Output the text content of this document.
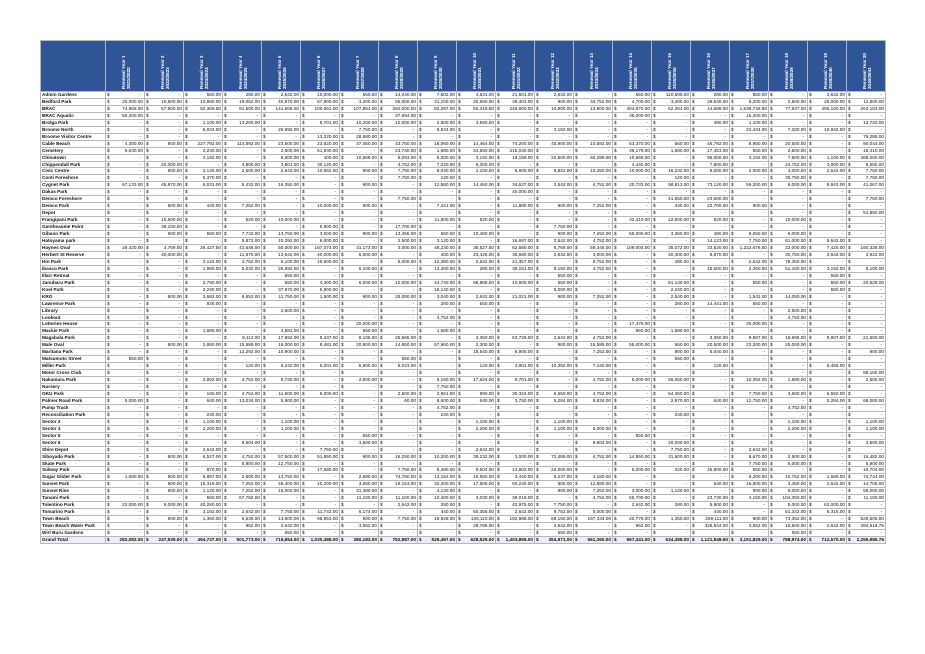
	Renewal Year 1 2021/2022	Renewal Year 2 2022/2023	Renewal Year 3 2023/2024	Renewal Year 4 2024/2025	Renewal Year 5 2025/2026	Renewal Year 6 2026/2027	Renewal Year 7 2027/2028	Renewal Year 8 2028/2029	Renewal Year 9 2029/2030	Renewal Year 10 2030/2031	Renewal Year 11 2031/2032	Renewal Year 12 2032/2033	Renewal Year 13 2033/2034	Renewal Year 14 2034/2035	Renewal Year 15 2035/2036	Renewal Year 16 2036/2037	Renewal Year 17 2037/2038	Renewal Year 18 2038/2039	Renewal Year 19 2039/2040	Renewal Year 20 2040/2041

Admin Gardens	$ -	$ -	$ 550.00	$ 280.00	$ 2,642.00	$ 10,000.00	$ 550.00	$ 14,040.00	$ 7,602.00	$ 4,631.00	$ 21,501.00	$ 2,642.00	$ -	$ 550.00	$ 110,500.00	$ 280.00	$ 550.00	$ -	$ 2,642.00	$ -

Bedford Park	$ 20,000.00	$ 10,900.00	$ 10,950.00	$ 19,052.00	$ 40,970.00	$ 67,800.00	$ 3,200.00	$ 55,000.00	$ 31,100.00	$ 25,550.00	$ 39,403.00	$ 900.00	$ 34,752.00	$ 4,700.00	$ 3,400.00	$ 29,640.00	$ 9,200.00	$ 2,500.00	$ 25,000.00	$ 11,800.00

BRAC	$ 74,969.00	$ 57,900.00	$ 92,369.50	$ 81,500.00	$ 141,606.00	$ 100,561.00	$ 107,861.00	$ 282,000.00	$ 82,297.00	$ 50,318.50	$ 249,900.00	$ 10,900.00	$ 13,900.00	$ 404,870.00	$ 52,391.00	$ 14,689.00	$ 1,639,749.50	$ 77,837.00	$ 496,160.00	$ 263,103.00

BRAC Aquatic	$ 50,400.00	$ -	$ -	$ -	$ -	$ -	$ -	$ 37,694.00	$ -	$ -	$ -	$ -	$ -	$ 35,000.00	$ -	$ -	$ 15,400.00	$ -	$ -	$ -

Brolga Park	$ -	$ -	$ 1,100.00	$ 13,200.00	$ -	$ 9,701.00	$ 10,200.00	$ 10,000.00	$ 2,500.00	$ 3,580.00	$ -	$ -	$ -	$ -	$ -	$ 480.00	$ 1,100.00	$ -	$ -	$ 12,720.00

Broome North	$ -	$ -	$ 6,934.00	$ -	$ 25,892.00	$ -	$ 7,750.00	$ -	$ 6,934.00	$ -	$ -	$ 3,192.00	$ -	$ -	$ -	$ -	$ 22,434.00	$ 7,200.00	$ 10,942.00	$ -

Broome Visitor Centre	$ -	$ -	$ -	$ -	$ -	$ 13,320.00	$ 28,680.00	$ -	$ -	$ -	$ -	$ -	$ -	$ -	$ -	$ -	$ -	$ -	$ -	$ 79,285.00

Cable Beach	$ 4,300.00	$ 900.00	$ 227,792.00	$ 114,892.00	$ 23,500.00	$ 23,820.00	$ 37,050.00	$ 43,750.00	$ 18,060.00	$ 14,464.00	$ 74,200.00	$ 45,900.00	$ 10,582.00	$ 53,370.00	$ 560.00	$ 46,792.00	$ 8,950.00	$ 20,500.00	$ -	$ 90,044.00

Cemetery	$ 6,630.00	$ -	$ 2,230.00	$ -	$ 2,500.00	$ 61,930.00	$ -	$ 23,740.00	$ 1,680.00	$ 34,550.00	$ 216,040.00	$ -	$ -	$ 36,179.00	$ 1,680.00	$ 17,453.00	$ 550.00	$ 2,500.00	$ -	$ 18,410.00

Chinatown	$ -	$ -	$ 3,192.00	$ -	$ 8,600.00	$ 400.00	$ 10,568.00	$ 6,093.00	$ 5,000.00	$ 3,192.00	$ 18,159.00	$ 32,500.00	$ 94,289.00	$ 10,568.00	$ -	$ 95,000.00	$ 3,192.00	$ 7,900.00	$ 1,100.00	$ 368,000.00

Chippendall Park	$ -	$ 20,000.00	$ -	$ 4,800.00	$ 3,801.00	$ 30,120.00	$ -	$ 4,752.00	$ 7,020.00	$ 9,300.00	$ -	$ -	$ -	$ 4,440.00	$ -	$ 7,800.00	$ -	$ 24,752.00	$ 3,000.00	$ 6,660.00

Civic Centre	$ -	$ 900.00	$ 2,140.00	$ 2,500.00	$ 2,642.00	$ 10,652.00	$ 900.00	$ 7,750.00	$ 8,040.00	$ 1,100.00	$ 5,900.00	$ 8,822.00	$ 10,250.00	$ 10,000.00	$ 16,232.00	$ 8,000.00	$ 2,000.00	$ 3,000.00	$ 2,642.00	$ 7,750.00

Conti Foreshore	$ -	$ -	$ 5,370.00	$ -	$ -	$ -	$ -	$ 7,750.00	$ 120.00	$ -	$ -	$ -	$ -	$ -	$ 120.00	$ -	$ -	$ 30,750.00	$ -	$ 7,750.00

Cygnet Park	$ 67,133.00	$ 45,870.00	$ 6,031.00	$ 5,432.00	$ 16,392.00	$ -	$ 900.00	$ -	$ 12,580.00	$ 14,460.00	$ 34,637.00	$ 3,542.00	$ 4,752.00	$ 20,733.00	$ 58,813.00	$ 73,120.00	$ 59,200.00	$ 6,000.00	$ 8,943.00	$ 41,067.00

Dakas Park	$ -	$ -	$ -	$ -	$ -	$ -	$ -	$ -	$ -	$ -	$ 40,000.00	$ -	$ -	$ -	$ -	$ -	$ -	$ -	$ -	$ -

Demco Foreshore	$ -	$ -	$ -	$ -	$ -	$ -	$ -	$ 7,750.00	$ -	$ -	$ -	$ -	$ -	$ -	$ 41,650.00	$ 23,600.00	$ -	$ -	$ -	$ 7,750.00

Demco Park	$ -	$ 900.00	$ 440.00	$ 7,252.00	$ -	$ 10,000.00	$ 900.00	$ -	$ 7,441.00	$ -	$ 11,880.00	$ 900.00	$ 7,252.00	$ -	$ 440.00	$ 22,700.00	$ 900.00	$ -	$ -	$ -

Depot	$ -	$ -	$ -	$ -	$ -	$ -	$ -	$ -	$ -	$ -	$ -	$ -	$ -	$ -	$ -	$ -	$ -	$ -	$ -	$ 51,850.00

Frangipani Park	$ -	$ 15,500.00	$ -	$ 520.00	$ 10,000.00	$ -	$ -	$ -	$ 11,800.00	$ 520.00	$ -	$ -	$ -	$ 32,410.00	$ 42,500.00	$ 520.00	$ -	$ 10,000.00	$ -	$ -

Gantheaume Point	$ -	$ 39,100.00	$ -	$ -	$ -	$ 5,900.00	$ -	$ 17,700.00	$ -	$ -	$ -	$ 7,750.00	$ -	$ -	$ -	$ -	$ -	$ -	$ -	$ -

Gibson Park	$ -	$ 900.00	$ 560.00	$ 7,732.00	$ 13,750.00	$ 3,000.00	$ 900.00	$ 13,455.00	$ 560.00	$ 10,480.00	$ -	$ 900.00	$ 7,252.00	$ 55,000.00	$ 3,360.00	$ 480.00	$ 8,650.00	$ 6,000.00	$ -	$ -

Hatoyama park	$ -	$ -	$ -	$ 5,872.00	$ 10,392.00	$ 6,000.00	$ -	$ 2,500.00	$ 3,120.00	$ -	$ 16,697.00	$ 2,642.00	$ 4,752.00	$ -	$ -	$ 14,123.00	$ 7,750.00	$ 61,000.00	$ 8,642.00	$ -

Haynes Oval	$ 29,420.00	$ 3,769.00	$ 26,427.50	$ 43,646.00	$ 50,000.00	$ 187,074.00	$ 31,173.00	$ 3,000.00	$ 48,230.00	$ 38,527.50	$ 62,680.00	$ 6,769.00	$ 59,346.00	$ 109,004.00	$ 35,072.00	$ 33,520.00	$ 1,222,676.50	$ 22,000.00	$ 7,420.00	$ 160,328.00

Herbert St Reserve	$ -	$ 40,000.00	$ -	$ 11,870.00	$ 13,642.00	$ 40,000.00	$ 5,000.00	$ -	$ 400.00	$ 23,426.00	$ 36,680.00	$ 2,642.00	$ 3,000.00	$ -	$ 40,400.00	$ 8,870.00	$ -	$ 30,750.00	$ 2,642.00	$ 3,922.00

Hin Park	$ -	$ -	$ 3,122.00	$ 4,752.00	$ 6,100.00	$ 15,500.00	$ -	$ 5,000.00	$ 12,380.00	$ 2,642.00	$ 21,357.00	$ -	$ 9,752.00	$ -	$ 480.00	$ -	$ 2,642.00	$ 78,350.00	$ -	$ -

Ibasco Park	$ -	$ -	$ 1,980.00	$ 5,032.00	$ 29,692.00	$ -	$ 6,100.00	$ -	$ 13,400.00	$ 280.00	$ 35,151.00	$ 8,192.00	$ 4,752.00	$ -	$ -	$ 15,500.00	$ 2,260.00	$ 61,150.00	$ 3,192.00	$ 6,100.00

Illarr Retreat	$ -	$ -	$ -	$ -	$ 550.00	$ -	$ -	$ -	$ -	$ -	$ -	$ 550.00	$ -	$ -	$ -	$ -	$ -	$ -	$ 550.00	$ -

Janubaru Park	$ -	$ -	$ 2,790.00	$ -	$ 550.00	$ 4,300.00	$ 6,000.00	$ 10,000.00	$ 44,740.00	$ 98,868.00	$ 10,900.00	$ 550.00	$ -	$ -	$ 81,140.00	$ -	$ 550.00	$ -	$ 550.00	$ 20,528.00

Koel Park	$ -	$ -	$ 2,240.00	$ -	$ 37,870.00	$ 5,900.00	$ -	$ -	$ 18,140.00	$ -	$ -	$ 5,000.00	$ -	$ -	$ 2,240.00	$ -	$ -	$ -	$ 550.00	$ -

KRO	$ -	$ 900.00	$ 3,682.00	$ 9,552.00	$ 11,750.00	$ 1,500.00	$ 900.00	$ 25,000.00	$ 3,040.00	$ 2,642.00	$ 21,021.00	$ 900.00	$ 7,252.00	$ -	$ 2,540.00	$ -	$ 1,542.00	$ 14,050.00	$ -	$ -

Lawrence Park	$ -	$ -	$ 830.00	$ -	$ -	$ -	$ -	$ -	$ 280.00	$ 550.00	$ -	$ -	$ -	$ -	$ 280.00	$ 14,441.00	$ 550.00	$ -	$ -	$ -

Library	$ -	$ -	$ -	$ -	$ 2,500.00	$ -	$ -	$ -	$ -	$ -	$ -	$ -	$ -	$ -	$ -	$ -	$ -	$ 2,500.00	$ -	$ -

Lookout	$ -	$ -	$ -	$ -	$ -	$ -	$ -	$ -	$ 4,752.00	$ -	$ -	$ -	$ -	$ -	$ -	$ -	$ -	$ 4,752.00	$ -	$ -

Lotteries House	$ -	$ -	$ -	$ -	$ -	$ -	$ 20,000.00	$ -	$ -	$ -	$ -	$ -	$ -	$ 17,475.00	$ -	$ -	$ 20,000.00	$ -	$ -	$ -

Mackie Park	$ -	$ -	$ 1,680.00	$ -	$ 4,581.00	$ -	$ 550.00	$ -	$ 1,680.00	$ -	$ -	$ -	$ -	$ 550.00	$ 1,680.00	$ -	$ -	$ -	$ -	$ -

Magabala Park	$ -	$ -	$ -	$ 8,112.00	$ 17,892.00	$ 5,437.00	$ 8,105.00	$ 25,665.00	$ -	$ 3,360.00	$ 63,729.00	$ 2,642.00	$ 4,752.00	$ -	$ -	$ 3,360.00	$ 9,587.00	$ 19,605.00	$ 8,907.00	$ 21,500.00

Male Oval	$ -	$ 900.00	$ 2,860.00	$ 15,589.00	$ 16,000.00	$ 8,481.00	$ 20,900.00	$ 14,950.00	$ 57,960.00	$ 2,300.00	$ -	$ 900.00	$ 15,589.00	$ 55,000.00	$ 560.00	$ 20,500.00	$ 23,200.00	$ 25,000.00	$ -	$ -

Maritana Park	$ -	$ -	$ -	$ 12,292.00	$ 10,900.00	$ -	$ -	$ -	$ -	$ 18,540.00	$ 5,900.00	$ -	$ 7,252.00	$ -	$ 900.00	$ 5,040.00	$ -	$ -	$ -	$ 900.00

Matsumoto Street	$ 550.00	$ -	$ -	$ -	$ -	$ -	$ -	$ 550.00	$ -	$ -	$ -	$ -	$ -	$ -	$ 550.00	$ -	$ -	$ -	$ -	$ -

Miller Park	$ -	$ -	$ -	$ 120.00	$ 6,242.00	$ 5,001.00	$ 5,900.00	$ 6,023.00	$ -	$ 120.00	$ 3,801.00	$ 10,392.00	$ 7,440.00	$ -	$ -	$ 120.00	$ -	$ -	$ 8,465.00	$ -

Motor Cross Club	$ -	$ -	$ -	$ -	$ -	$ -	$ -	$ -	$ -	$ -	$ -	$ -	$ -	$ -	$ -	$ -	$ -	$ -	$ -	$ 88,160.00

Nakamura Park	$ -	$ -	$ 2,802.00	$ 4,752.00	$ 9,730.00	$ -	$ 2,500.00	$ -	$ 6,160.00	$ 17,624.00	$ 9,701.00	$ -	$ 4,752.00	$ 5,000.00	$ 56,060.00	$ -	$ 10,392.00	$ 1,980.00	$ -	$ 2,500.00

Nursery	$ -	$ -	$ -	$ -	$ -	$ -	$ -	$ -	$ 7,750.00	$ -	$ -	$ -	$ -	$ -	$ -	$ -	$ -	$ -	$ -	$ -

OKU Park	$ -	$ -	$ 160.00	$ 4,752.00	$ 11,900.00	$ 6,000.00	$ -	$ 2,500.00	$ 3,961.00	$ 990.00	$ 30,324.00	$ 5,550.00	$ 4,752.00	$ -	$ 54,360.00	$ -	$ 7,750.00	$ 3,600.00	$ 6,550.00	$ -

Palmer Road Park	$ 5,000.00	$ -	$ 640.00	$ 13,034.00	$ 5,900.00	$ -	$ -	$ 60.00	$ 8,600.00	$ 640.00	$ 3,750.00	$ 5,284.00	$ 9,834.00	$ -	$ 2,970.00	$ 640.00	$ 12,750.00	$ -	$ 5,284.00	$ 68,000.00

Pump Track	$ -	$ -	$ -	$ -	$ -	$ -	$ -	$ -	$ 4,752.00	$ -	$ -	$ -	$ -	$ -	$ -	$ -	$ -	$ 4,752.00	$ -	$ -

Reconciliation Park	$ -	$ -	$ 240.00	$ -	$ -	$ -	$ -	$ -	$ 240.00	$ -	$ -	$ -	$ -	$ -	$ 240.00	$ -	$ -	$ -	$ -	$ -

Sector 2	$ -	$ -	$ 1,100.00	$ -	$ 1,100.00	$ -	$ -	$ -	$ -	$ 1,100.00	$ -	$ 1,100.00	$ -	$ -	$ -	$ -	$ -	$ 1,100.00	$ -	$ 1,100.00

Sector 3	$ -	$ -	$ 2,200.00	$ -	$ 1,100.00	$ -	$ -	$ -	$ -	$ 2,200.00	$ -	$ 1,100.00	$ 5,000.00	$ -	$ -	$ -	$ -	$ 2,200.00	$ -	$ 1,100.00

Sector 5	$ -	$ -	$ -	$ -	$ -	$ -	$ 550.00	$ -	$ -	$ -	$ -	$ -	$ -	$ 550.00	$ -	$ -	$ -	$ -	$ -	$ -

Sector 6	$ -	$ -	$ -	$ 9,504.00	$ -	$ -	$ 3,600.00	$ -	$ -	$ -	$ -	$ -	$ 9,504.00	$ -	$ 20,000.00	$ -	$ -	$ -	$ -	$ 3,600.00

Shire Depot	$ -	$ -	$ 2,642.00	$ -	$ -	$ 7,750.00	$ -	$ -	$ -	$ 2,642.00	$ -	$ -	$ -	$ -	$ 7,750.00	$ -	$ 2,642.00	$ -	$ -	$ -

Siboyado Park	$ -	$ 900.00	$ 6,537.00	$ 4,752.00	$ 57,500.00	$ 51,950.00	$ 900.00	$ 16,250.00	$ 10,200.00	$ 39,232.00	$ 3,000.00	$ 72,489.00	$ 4,752.00	$ 14,950.00	$ 31,600.00	$ -	$ 8,670.00	$ 2,500.00	$ -	$ 16,482.00

Skate Park	$ -	$ -	$ -	$ 5,900.00	$ 12,750.00	$ -	$ -	$ -	$ -	$ -	$ -	$ -	$ -	$ -	$ -	$ -	$ 7,750.00	$ 5,000.00	$ -	$ 5,900.00

Solway Park	$ -	$ -	$ 870.00	$ -	$ -	$ 17,680.00	$ -	$ 7,750.00	$ 8,480.00	$ 9,504.00	$ 13,902.00	$ 22,000.00	$ -	$ 5,000.00	$ 320.00	$ 45,900.00	$ 550.00	$ -	$ -	$ 16,704.00

Sugar Glider Park	$ 1,680.00	$ 900.00	$ 8,887.00	$ 2,500.00	$ 13,750.00	$ -	$ 2,580.00	$ 74,780.00	$ 13,152.00	$ 10,550.00	$ 3,440.00	$ 9,237.00	$ 4,180.00	$ -	$ -	$ -	$ 9,200.00	$ 10,752.00	$ 1,680.00	$ 74,744.00

Sunset Park	$ -	$ 900.00	$ 15,319.00	$ 7,252.00	$ 48,400.00	$ 10,200.00	$ 3,650.00	$ 19,153.00	$ 32,400.00	$ 17,506.00	$ 60,240.00	$ 900.00	$ 12,580.00	$ -	$ -	$ 640.00	$ 16,800.00	$ 3,450.00	$ 2,642.00	$ 14,706.00

Sunset Rise	$ -	$ 900.00	$ 1,120.00	$ 7,252.00	$ 16,000.00	$ -	$ 31,380.00	$ -	$ 4,120.00	$ -	$ -	$ 900.00	$ 7,252.00	$ 3,000.00	$ 1,120.00	$ -	$ 900.00	$ 9,000.00	$ -	$ 55,000.00

Tanami Park	$ -	$ -	$ 550.00	$ 67,782.00	$ -	$ -	$ 11,100.00	$ 11,100.00	$ 10,400.00	$ 3,030.00	$ 39,019.00	$ -	$ 4,752.00	$ 65,700.00	$ -	$ 23,730.00	$ 4,150.00	$ 104,350.00	$ -	$ 11,100.00

Tolentino Park	$ 22,000.00	$ 5,000.00	$ 40,280.00	$ -	$ -	$ -	$ -	$ 2,642.00	$ 280.00	$ -	$ 42,975.00	$ 7,750.00	$ -	$ 2,642.00	$ 280.00	$ 5,900.00	$ -	$ 5,000.00	$ 62,000.00	$ -

Tomarino Park	$ -	$ -	$ 3,192.00	$ 2,642.00	$ 7,750.00	$ 11,742.00	$ 6,174.00	$ -	$ 440.00	$ 50,355.00	$ 2,642.00	$ 9,752.00	$ 5,000.00	$ -	$ -	$ 440.00	$ -	$ 81,342.00	$ 6,316.00	$ -

Town Beach	$ -	$ 900.00	$ 1,360.00	$ 6,536.00	$ 13,600.00	$ 95,963.00	$ 900.00	$ 7,750.00	$ 19,928.00	$ 129,110.00	$ 182,888.00	$ 68,150.00	$ 197,334.00	$ 20,778.00	$ 1,360.00	$ 259,111.00	$ 900.00	$ 73,352.00	$ -	$ 525,505.00

Town Beach Water Park	$ -	$ -	$ -	$ 962.00	$ 2,642.00	$ -	$ 3,552.00	$ -	$ -	$ 28,786.00	$ -	$ 2,642.00	$ -	$ 962.00	$ -	$ 326,544.00	$ 3,552.00	$ 16,500.00	$ 2,642.00	$ 394,518.76

Wirl Buru Gardens	$ -	$ -	$ -	$ -	$ 550.00	$ -	$ -	$ -	$ -	$ -	$ -	$ 550.00	$ -	$ -	$ -	$ -	$ -	$ 550.00	$ -	$ -

Grand Total	$ 282,082.00	$ 247,939.00	$ 494,737.00	$ 501,773.00	$ 715,654.00	$ 1,030,488.00	$ 380,183.00	$ 762,887.00	$ 529,497.00	$ 628,529.00	$ 1,403,856.00	$ 354,971.00	$ 561,360.00	$ 967,441.00	$ 634,388.00	$ 1,121,848.60	$ 3,151,829.00	$ 788,974.00	$ 712,570.00	$ 2,255,986.76
